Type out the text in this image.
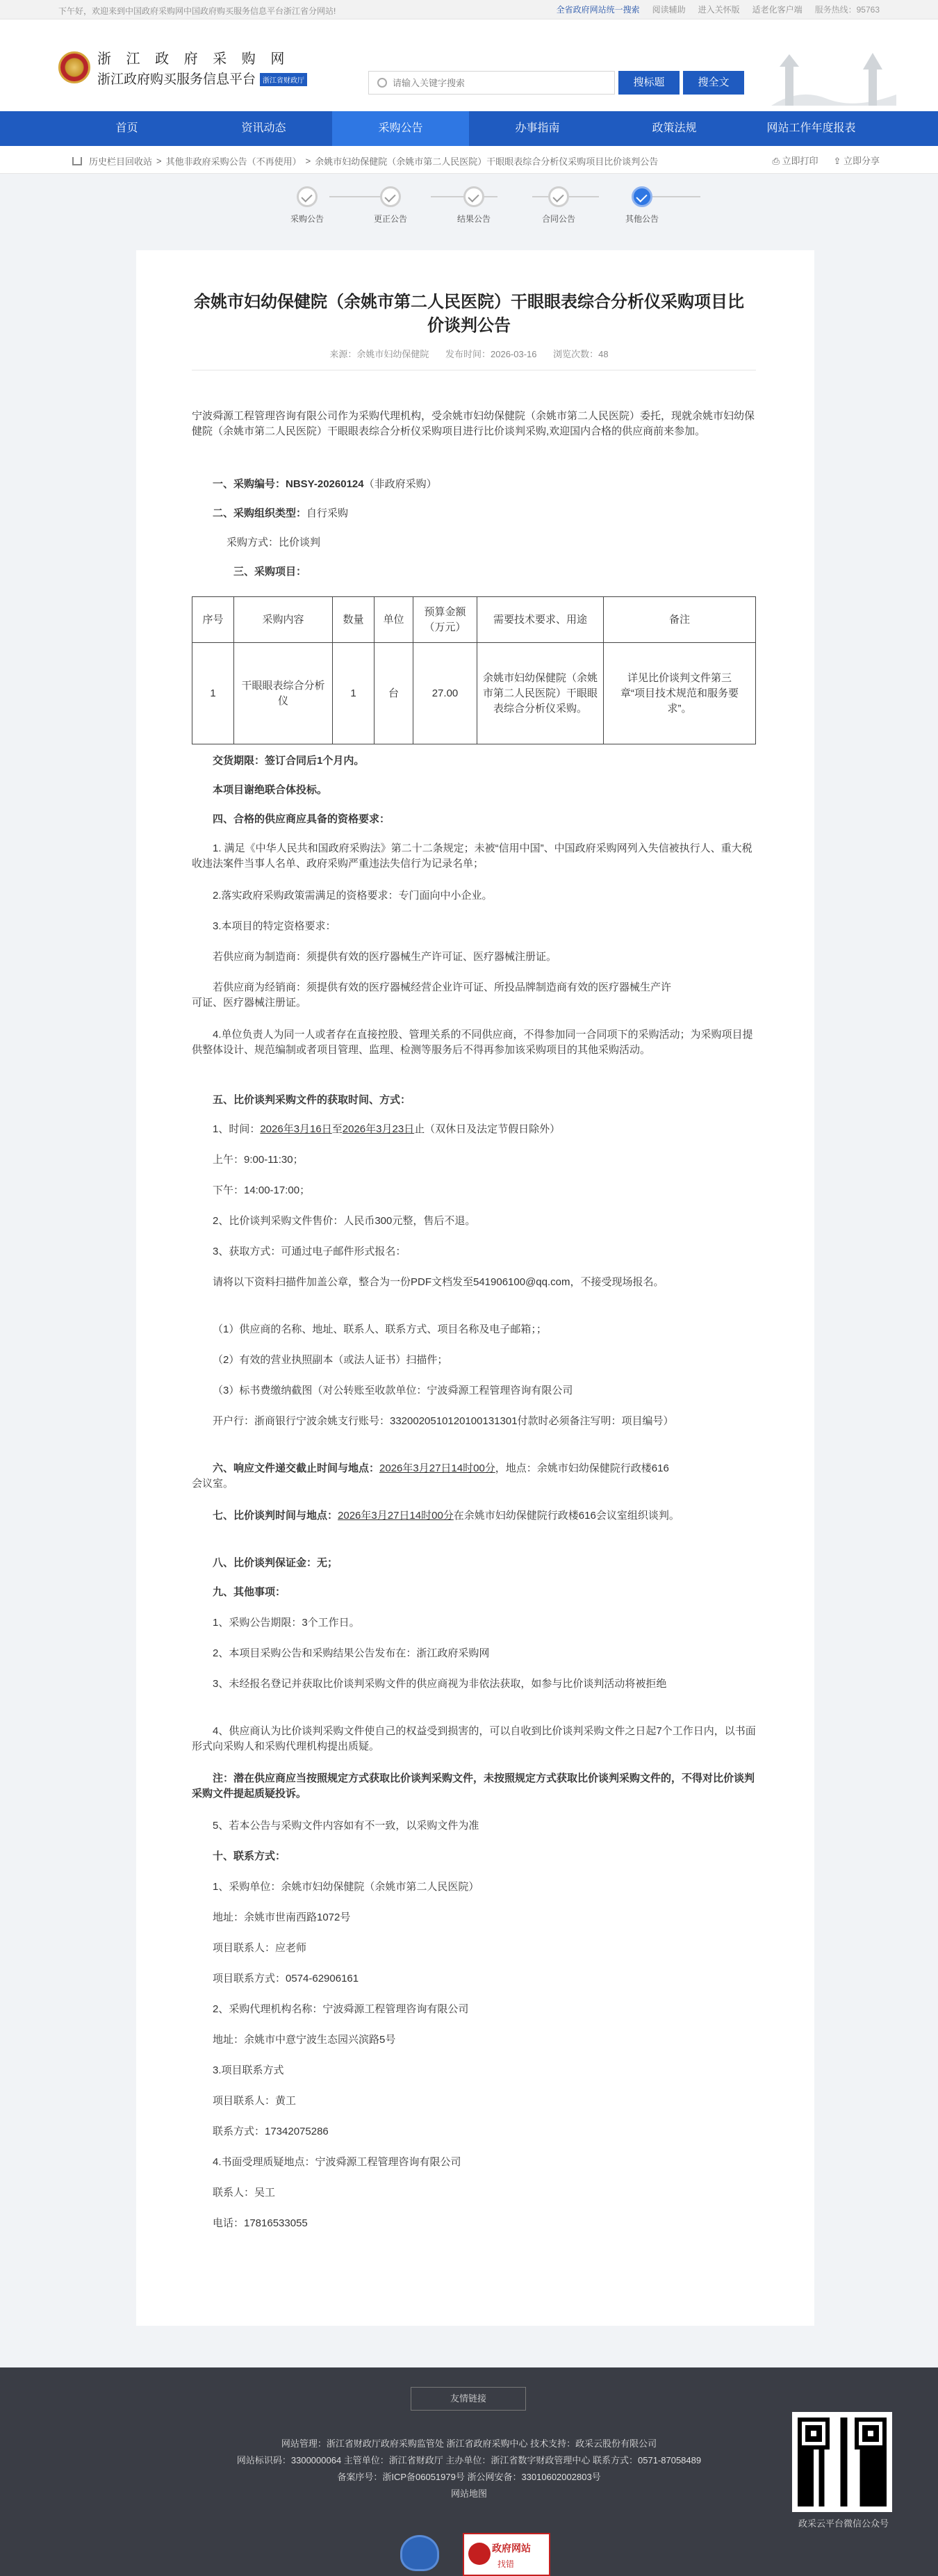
下午好，欢迎来到中国政府采购网中国政府购买服务信息平台浙江省分网站!	全省政府网站统一搜索 阅读辅助 进入关怀版 适老化客户端 服务热线：95763
浙 江 政 府 采 购 网
浙江政府购买服务信息平台 浙江省财政厅
请输入关键字搜索	搜标题	搜全文
首页	资讯动态	采购公告	办事指南	政策法规	网站工作年度报表
历史栏目回收站 > 其他非政府采购公告（不再使用） > 余姚市妇幼保健院（余姚市第二人民医院）干眼眼表综合分析仪采购项目比价谈判公告	⎙ 立即打印 ⇪ 立即分享
采购公告	更正公告	结果公告	合同公告	其他公告
余姚市妇幼保健院（余姚市第二人民医院）干眼眼表综合分析仪采购项目比价谈判公告
来源：余姚市妇幼保健院 发布时间：2026-03-16 浏览次数：48
宁波舜源工程管理咨询有限公司作为采购代理机构，受余姚市妇幼保健院（余姚市第二人民医院）委托，现就余姚市妇幼保健院（余姚市第二人民医院）干眼眼表综合分析仪采购项目进行比价谈判采购,欢迎国内合格的供应商前来参加。
一、采购编号：NBSY-20260124（非政府采购）
二、采购组织类型：自行采购
采购方式：比价谈判
三、采购项目：
序号	采购内容	数量	单位	预算金额（万元）	需要技术要求、用途	备注
1	干眼眼表综合分析仪	1	台	27.00	余姚市妇幼保健院（余姚市第二人民医院）干眼眼表综合分析仪采购。	详见比价谈判文件第三章“项目技术规范和服务要求”。
交货期限：签订合同后1个月内。
本项目谢绝联合体投标。
四、合格的供应商应具备的资格要求：
1. 满足《中华人民共和国政府采购法》第二十二条规定；未被“信用中国”、中国政府采购网列入失信被执行人、重大税收违法案件当事人名单、政府采购严重违法失信行为记录名单；
2.落实政府采购政策需满足的资格要求：专门面向中小企业。
3.本项目的特定资格要求：
若供应商为制造商：须提供有效的医疗器械生产许可证、医疗器械注册证。
若供应商为经销商：须提供有效的医疗器械经营企业许可证、所投品牌制造商有效的医疗器械生产许可证、医疗器械注册证。
4.单位负责人为同一人或者存在直接控股、管理关系的不同供应商，不得参加同一合同项下的采购活动；为采购项目提供整体设计、规范编制或者项目管理、监理、检测等服务后不得再参加该采购项目的其他采购活动。
五、比价谈判采购文件的获取时间、方式：
1、时间：2026年3月16日至2026年3月23日止（双休日及法定节假日除外）
上午：9:00-11:30；
下午：14:00-17:00；
2、比价谈判采购文件售价：人民币300元整，售后不退。
3、获取方式：可通过电子邮件形式报名：
请将以下资料扫描件加盖公章，整合为一份PDF文档发至541906100@qq.com，不接受现场报名。
（1）供应商的名称、地址、联系人、联系方式、项目名称及电子邮箱；；
（2）有效的营业执照副本（或法人证书）扫描件；
（3）标书费缴纳截图（对公转账至收款单位：宁波舜源工程管理咨询有限公司
开户行：浙商银行宁波余姚支行账号：3320020510120100131301付款时必须备注写明：项目编号）
六、响应文件递交截止时间与地点：2026年3月27日14时00分，地点：余姚市妇幼保健院行政楼616会议室。
七、比价谈判时间与地点：2026年3月27日14时00分在余姚市妇幼保健院行政楼616会议室组织谈判。
八、比价谈判保证金：无；
九、其他事项：
1、采购公告期限：3个工作日。
2、本项目采购公告和采购结果公告发布在：浙江政府采购网
3、未经报名登记并获取比价谈判采购文件的供应商视为非依法获取，如参与比价谈判活动将被拒绝
4、供应商认为比价谈判采购文件使自己的权益受到损害的，可以自收到比价谈判采购文件之日起7个工作日内，以书面形式向采购人和采购代理机构提出质疑。
注：潜在供应商应当按照规定方式获取比价谈判采购文件，未按照规定方式获取比价谈判采购文件的，不得对比价谈判采购文件提起质疑投诉。
5、若本公告与采购文件内容如有不一致，以采购文件为准
十、联系方式：
1、采购单位：余姚市妇幼保健院（余姚市第二人民医院）
地址：余姚市世南西路1072号
项目联系人：应老师
项目联系方式：0574-62906161
2、采购代理机构名称：宁波舜源工程管理咨询有限公司
地址：余姚市中意宁波生态园兴滨路5号
3.项目联系方式
项目联系人：黄工
联系方式：17342075286
4.书面受理质疑地点：宁波舜源工程管理咨询有限公司
联系人：吴工
电话：17816533055
友情链接
网站管理：浙江省财政厅政府采购监管处 浙江省政府采购中心 技术支持：政采云股份有限公司
网站标识码：3300000064 主管单位：浙江省财政厅 主办单位：浙江省数字财政管理中心 联系方式：0571-87058489
备案序号：浙ICP备06051979号 浙公网安备：33010602002803号
网站地图
政府网站
找错
政采云平台微信公众号
